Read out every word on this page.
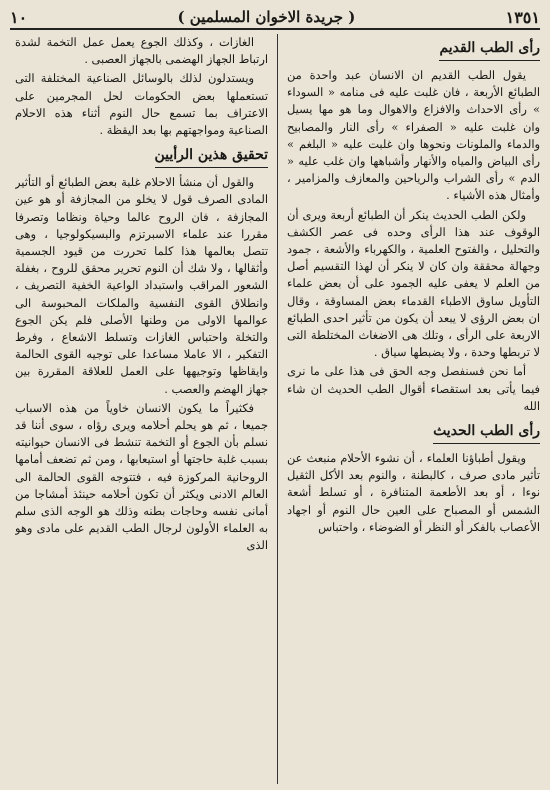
١٠	( جريدة الاخوان المسلمين )	١٣٥١
رأى الطب القديم

يقول الطب القديم ان الانسان عبد واحدة من الطبائع الأربعة ، فان غلبت عليه فى منامه « السوداء » رأى الاحداث والافزاع والاهوال وما هو مها يسيل وان غلبت عليه « الصفراء » رأى النار والمصابيح والدماء والملونات ونحوها وان غلبت عليه « البلغم » رأى البياض والمياه والأنهار وأشباهها وان غلب عليه « الدم » رأى الشراب والرياحين والمعازف والمزامير ، وأمثال هذه الأشياء .

ولكن الطب الحديث ينكر أن الطبائع أربعة ويرى أن الوقوف عند هذا الرأى وحده فى عصر الكشف والتحليل ، والفتوح العلمية ، والكهرباء والأشعة ، جمود وجهالة محققة وان كان لا ينكر أن لهذا التقسيم أصل من العلم لا يعفى عليه الجمود على أن بعض علماء التأويل ساوق الاطباء القدماء بعض المساوقة ، وقال ان بعض الرؤى لا يبعد أن يكون من تأثير احدى الطبائع الاربعة على الرأى ، وتلك هى الاضغاث المختلطة التى لا تربطها وحدة ، ولا يضبطها سياق .

أما نحن فسنفصل وجه الحق فى هذا على ما نرى فيما يأتى بعد استقصاء أقوال الطب الحديث ان شاء الله

رأى الطب الحديث

ويقول أطباؤنا العلماء ، أن نشوء الأحلام منبعث عن تأثير مادى صرف ، كالبطنة ، والنوم بعد الأكل الثقيل نوءا ، أو بعد الأطعمة المتنافرة ، أو تسلط أشعة الشمس أو المصباح على العين حال النوم أو اجهاد الأعصاب بالفكر أو النظر أو الضوضاء ، واحتباس

الغازات ، وكذلك الجوع يعمل عمل التخمة لشدة ارتباط الجهاز الهضمى بالجهاز العصبى .

ويستدلون لذلك بالوسائل الصناعية المختلفة التى تستعملها بعض الحكومات لحل المجرمين على الاعتراف بما تسمع حال النوم أثناء هذه الاحلام الصناعية ومواجهتهم بها بعد اليقظة .

تحقيق هذين الرأيين

والقول أن منشأ الاحلام غلبة بعض الطبائع أو التأثير المادى الصرف قول لا يخلو من المجازفة أو هو عين المجازفة ، فان الروح عالما وحياة ونظاما وتصرفا مقررا عند علماء الاسبرتزم والبسيكولوجيا ، وهى تتصل بعالمها هذا كلما تحررت من قيود الجسمية وأثقالها ، ولا شك أن النوم تحرير محقق للروح ، بغفلة الشعور المراقب واستبداد الواعية الخفية التصريف ، وانطلاق القوى النفسية والملكات المحبوسة الى عوالمها الاولى من وطنها الأصلى فلم يكن الجوع والتخلة واحتباس الغازات وتسلط الاشعاع ، وفرط التفكير ، الا عاملا مساعدا على توجيه القوى الحالمة وايقاظها وتوجيهها على العمل للعلاقة المقررة بين جهاز الهضم والعصب .

فكثيراً ما يكون الانسان خاوياً من هذه الاسباب جميعا ، ثم هو يحلم أحلامه ويرى رؤاه ، سوى أننا قد نسلم بأن الجوع أو التخمة تنشط فى الانسان حيوانيته بسبب غلبة حاجتها أو استيعابها ، ومن ثم تضعف أمامها الروحانية المركوزة فيه ، فتتوجه القوى الحالمة الى العالم الادنى ويكثر أن تكون أحلامه حينئذ أمشاجا من أمانى نفسه وحاجات بطنه وذلك هو الوجه الذى سلم به العلماء الأولون لرجال الطب القديم على مادى وهو الذى
